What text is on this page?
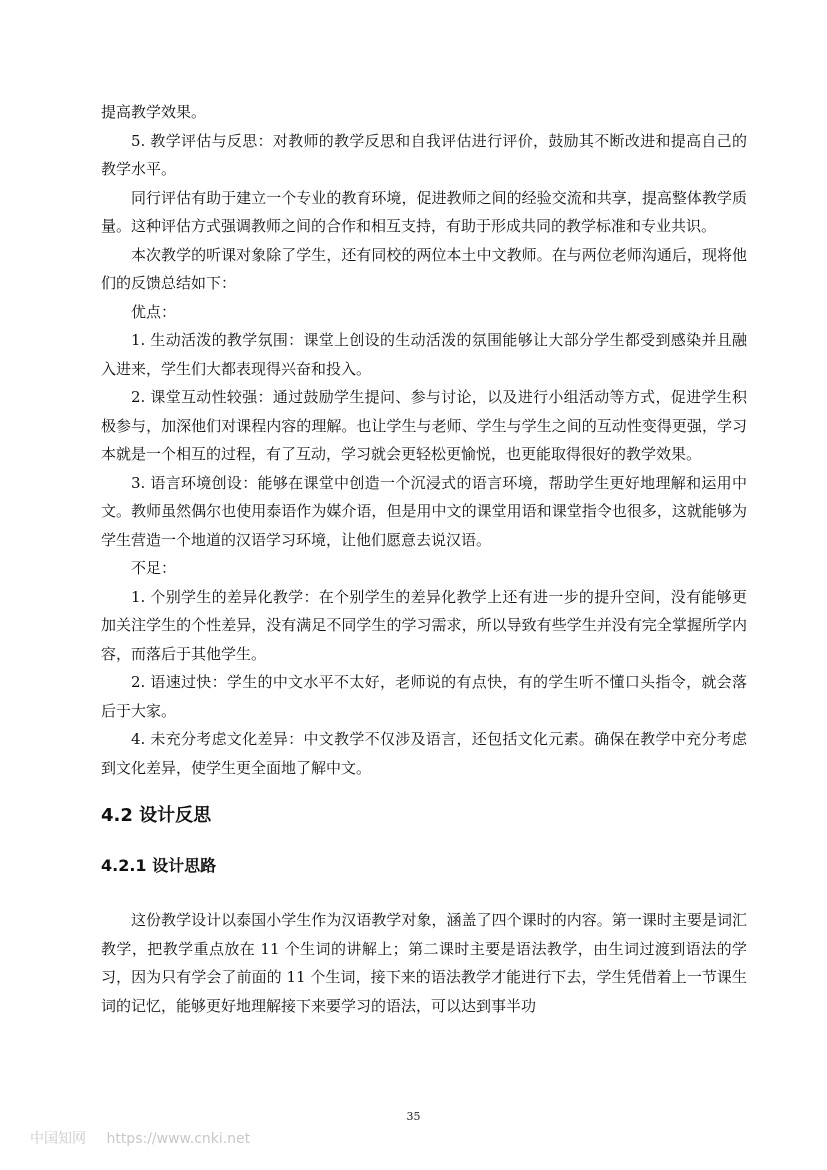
提高教学效果。

5. 教学评估与反思：对教师的教学反思和自我评估进行评价，鼓励其不断改进和提高自己的教学水平。

同行评估有助于建立一个专业的教育环境，促进教师之间的经验交流和共享，提高整体教学质量。这种评估方式强调教师之间的合作和相互支持，有助于形成共同的教学标准和专业共识。

本次教学的听课对象除了学生，还有同校的两位本土中文教师。在与两位老师沟通后，现将他们的反馈总结如下：

优点：

1. 生动活泼的教学氛围：课堂上创设的生动活泼的氛围能够让大部分学生都受到感染并且融入进来，学生们大都表现得兴奋和投入。

2. 课堂互动性较强：通过鼓励学生提问、参与讨论，以及进行小组活动等方式，促进学生积极参与，加深他们对课程内容的理解。也让学生与老师、学生与学生之间的互动性变得更强，学习本就是一个相互的过程，有了互动，学习就会更轻松更愉悦，也更能取得很好的教学效果。

3. 语言环境创设：能够在课堂中创造一个沉浸式的语言环境，帮助学生更好地理解和运用中文。教师虽然偶尔也使用泰语作为媒介语，但是用中文的课堂用语和课堂指令也很多，这就能够为学生营造一个地道的汉语学习环境，让他们愿意去说汉语。

不足：

1. 个别学生的差异化教学：在个别学生的差异化教学上还有进一步的提升空间，没有能够更加关注学生的个性差异，没有满足不同学生的学习需求，所以导致有些学生并没有完全掌握所学内容，而落后于其他学生。

2. 语速过快：学生的中文水平不太好，老师说的有点快，有的学生听不懂口头指令，就会落后于大家。

4. 未充分考虑文化差异：中文教学不仅涉及语言，还包括文化元素。确保在教学中充分考虑到文化差异，使学生更全面地了解中文。

4.2 设计反思
4.2.1 设计思路

这份教学设计以泰国小学生作为汉语教学对象，涵盖了四个课时的内容。第一课时主要是词汇教学，把教学重点放在 11 个生词的讲解上；第二课时主要是语法教学，由生词过渡到语法的学习，因为只有学会了前面的 11 个生词，接下来的语法教学才能进行下去，学生凭借着上一节课生词的记忆，能够更好地理解接下来要学习的语法，可以达到事半功

35
中国知网 https://www.cnki.net
